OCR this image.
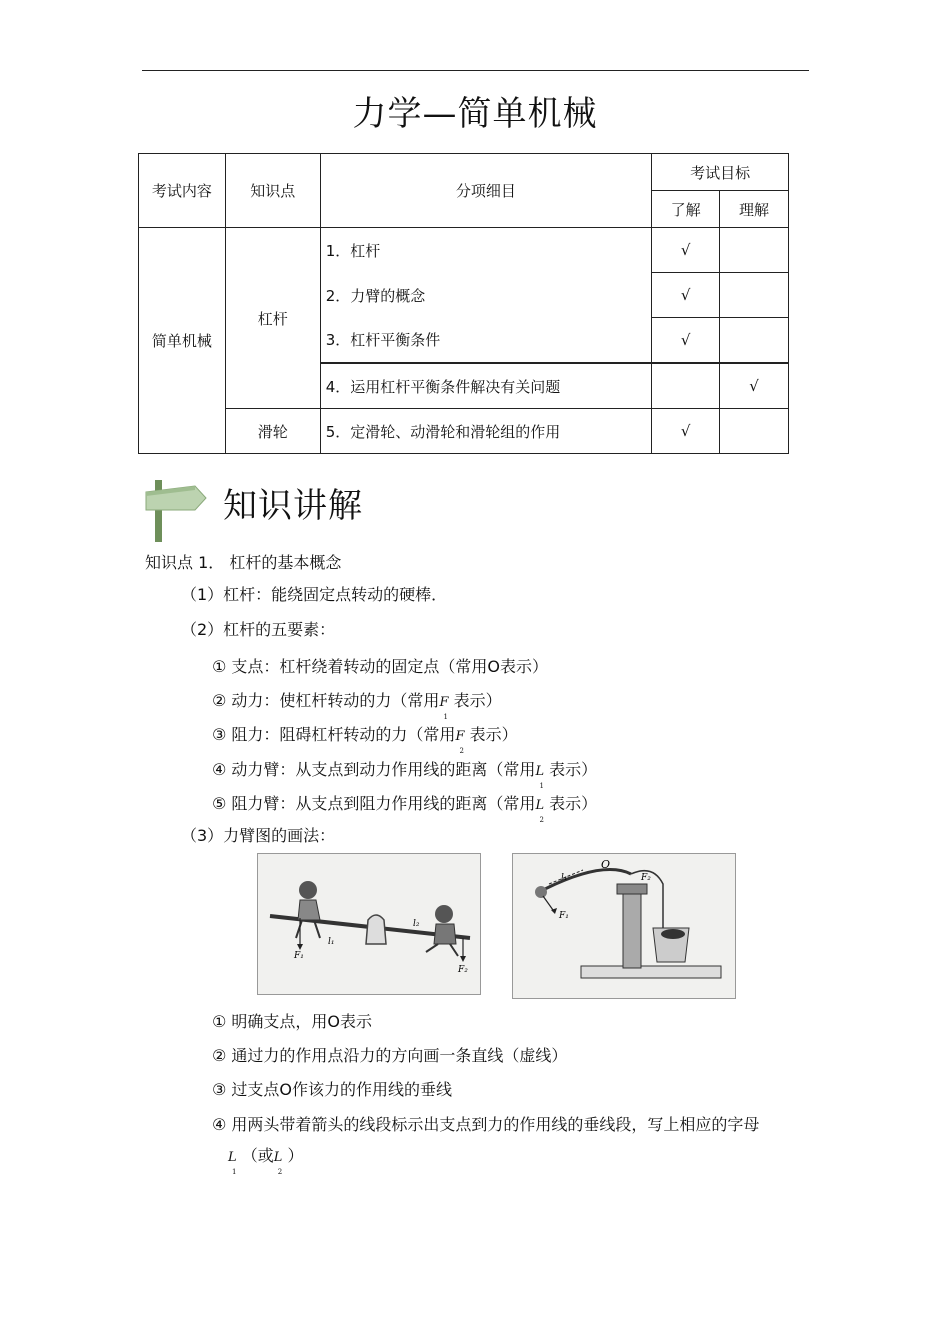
力学—简单机械
考试内容	知识点	分项细目	考试目标	
			了解	理解
简单机械	杠杆	1．杠杆	√	
		2．力臂的概念	√	
		3．杠杆平衡条件	√	
		4．运用杠杆平衡条件解决有关问题		√
	滑轮	5．定滑轮、动滑轮和滑轮组的作用	√	
知识讲解
知识点 1． 杠杆的基本概念
（1）杠杆：能绕固定点转动的硬棒．
（2）杠杆的五要素：
① 支点：杠杆绕着转动的固定点（常用O表示）
② 动力：使杠杆转动的力（常用F
1
表示）
③ 阻力：阻碍杠杆转动的力（常用F
2
表示）
④ 动力臂：从支点到动力作用线的距离（常用L
1
表示）
⑤ 阻力臂：从支点到阻力作用线的距离（常用L
2
表示）
（3）力臂图的画法：
F₁
F₂
l₁
l₂
l₁
O
F₂
F₁
① 明确支点，用O表示
② 通过力的作用点沿力的方向画一条直线（虚线）
③ 过支点O作该力的作用线的垂线
④ 用两头带着箭头的线段标示出支点到力的作用线的垂线段，写上相应的字母
L
1
（或L
2
）
